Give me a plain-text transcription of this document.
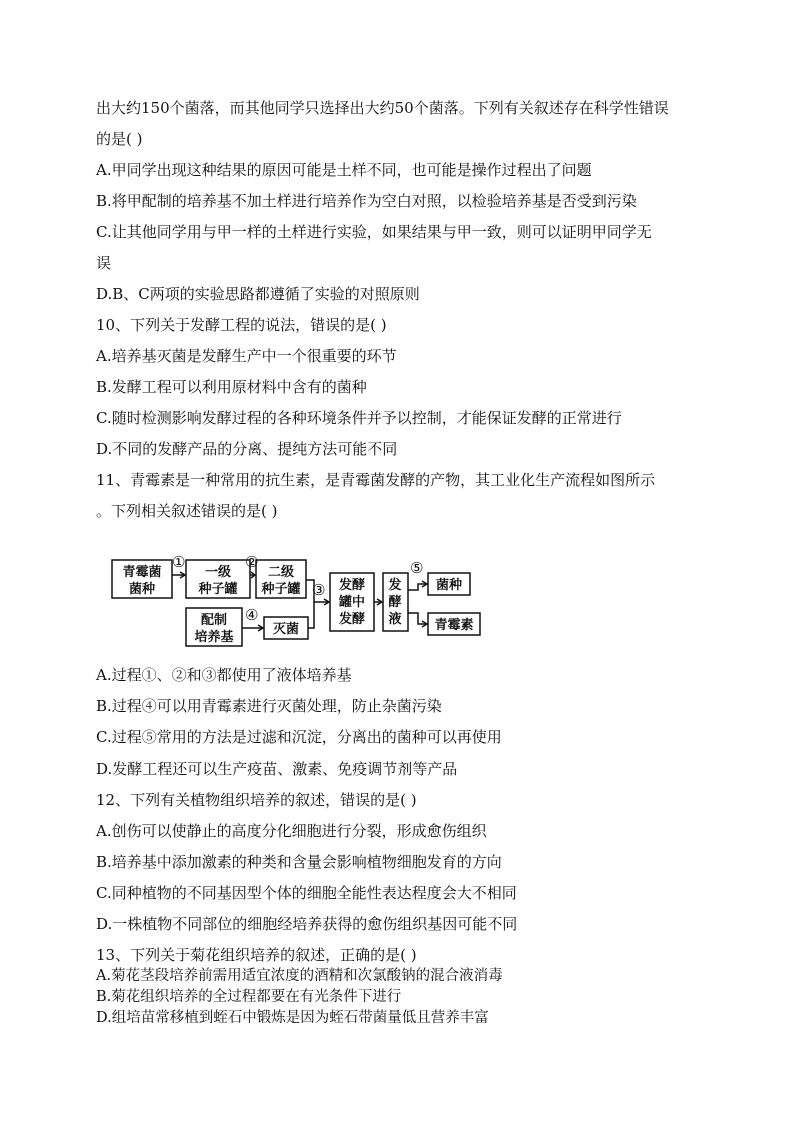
出大约150个菌落，而其他同学只选择出大约50个菌落。下列有关叙述存在科学性错误
的是( )
A.甲同学出现这种结果的原因可能是土样不同，也可能是操作过程出了问题
B.将甲配制的培养基不加土样进行培养作为空白对照，以检验培养基是否受到污染
C.让其他同学用与甲一样的土样进行实验，如果结果与甲一致，则可以证明甲同学无
误
D.B、C两项的实验思路都遵循了实验的对照原则
10、下列关于发酵工程的说法，错误的是( )
A.培养基灭菌是发酵生产中一个很重要的环节
B.发酵工程可以利用原材料中含有的菌种
C.随时检测影响发酵过程的各种环境条件并予以控制，才能保证发酵的正常进行
D.不同的发酵产品的分离、提纯方法可能不同
11、青霉素是一种常用的抗生素，是青霉菌发酵的产物，其工业化生产流程如图所示
。下列相关叙述错误的是( )
青霉菌
菌种
一级
种子罐
二级
种子罐
配制
培养基
灭菌
发酵
罐中
发酵
发
酵
液
菌种
青霉素
①	②
③
④
⑤
A.过程①、②和③都使用了液体培养基
B.过程④可以用青霉素进行灭菌处理，防止杂菌污染
C.过程⑤常用的方法是过滤和沉淀，分离出的菌种可以再使用
D.发酵工程还可以生产疫苗、激素、免疫调节剂等产品
12、下列有关植物组织培养的叙述，错误的是( )
A.创伤可以使静止的高度分化细胞进行分裂，形成愈伤组织
B.培养基中添加激素的种类和含量会影响植物细胞发育的方向
C.同种植物的不同基因型个体的细胞全能性表达程度会大不相同
D.一株植物不同部位的细胞经培养获得的愈伤组织基因可能不同
13、下列关于菊花组织培养的叙述，正确的是( )
A.菊花茎段培养前需用适宜浓度的酒精和次氯酸钠的混合液消毒
B.菊花组织培养的全过程都要在有光条件下进行
D.组培苗常移植到蛭石中锻炼是因为蛭石带菌量低且营养丰富
